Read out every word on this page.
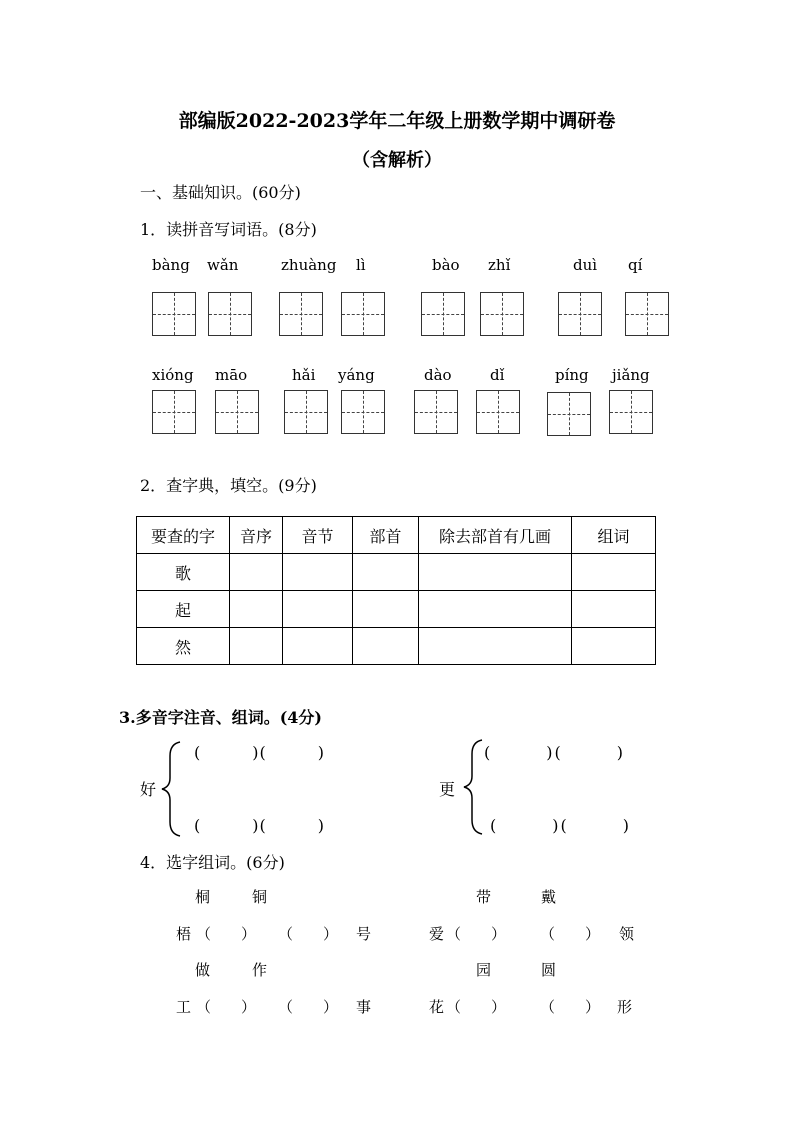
部编版2022-2023学年二年级上册数学期中调研卷
（含解析）
一、基础知识。(60分)
1．读拼音写词语。(8分)
bàng wǎn	zhuàng lì	bào zhǐ	duì qí
xióng māo	hǎi yáng	dào	dǐ	píng jiǎng
2．查字典，填空。(9分)
要查的字	音序	音节	部首	除去部首有几画	组词
歌					
起					
然					
3.多音字注音、组词。(4分)
好
(　　　)(　　　)
(　　　)(　　　)
更
(　　　)(　　　)
(　　　)(　　　)
4．选字组词。(6分)
桐	铜	带	戴
梧 （　　） （　　） 号	爱 （　　） （　　） 领
做	作	园	圆
工 （　　） （　　） 事	花 （　　） （　　） 形
